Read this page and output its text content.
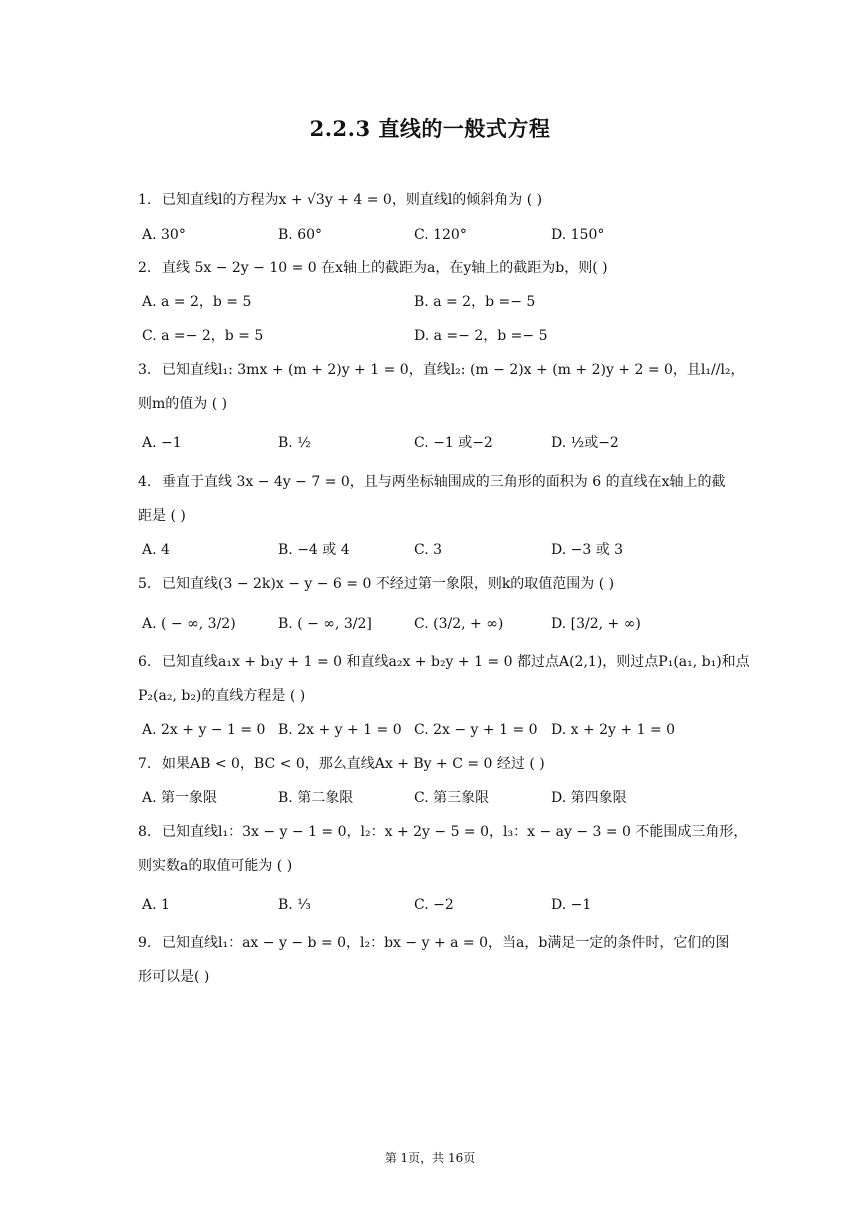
2.2.3 直线的一般式方程
1. 已知直线l的方程为x + √3y + 4 = 0，则直线l的倾斜角为 ( )
A. 30°	B. 60°	C. 120°	D. 150°
2. 直线 5x − 2y − 10 = 0 在x轴上的截距为a，在y轴上的截距为b，则( )
A. a = 2，b = 5	B. a = 2，b =− 5
C. a =− 2，b = 5	D. a =− 2，b =− 5
3. 已知直线l₁: 3mx + (m + 2)y + 1 = 0，直线l₂: (m − 2)x + (m + 2)y + 2 = 0，且l₁//l₂，
则m的值为 ( )
A. −1	B. ½	C. −1 或−2	D. ½或−2
4. 垂直于直线 3x − 4y − 7 = 0，且与两坐标轴围成的三角形的面积为 6 的直线在x轴上的截
距是 ( )
A. 4	B. −4 或 4	C. 3	D. −3 或 3
5. 已知直线(3 − 2k)x − y − 6 = 0 不经过第一象限，则k的取值范围为 ( )
A. ( − ∞, 3/2)	B. ( − ∞, 3/2]	C. (3/2, + ∞)	D. [3/2, + ∞)
6. 已知直线a₁x + b₁y + 1 = 0 和直线a₂x + b₂y + 1 = 0 都过点A(2,1)，则过点P₁(a₁, b₁)和点
P₂(a₂, b₂)的直线方程是 ( )
A. 2x + y − 1 = 0 B. 2x + y + 1 = 0 C. 2x − y + 1 = 0 D. x + 2y + 1 = 0
7. 如果AB < 0，BC < 0，那么直线Ax + By + C = 0 经过 ( )
A. 第一象限	B. 第二象限	C. 第三象限	D. 第四象限
8. 已知直线l₁：3x − y − 1 = 0，l₂：x + 2y − 5 = 0，l₃：x − ay − 3 = 0 不能围成三角形，
则实数a的取值可能为 ( )
A. 1	B. ⅓	C. −2	D. −1
9. 已知直线l₁：ax − y − b = 0，l₂：bx − y + a = 0，当a，b满足一定的条件时，它们的图
形可以是( )
第 1页，共 16页
